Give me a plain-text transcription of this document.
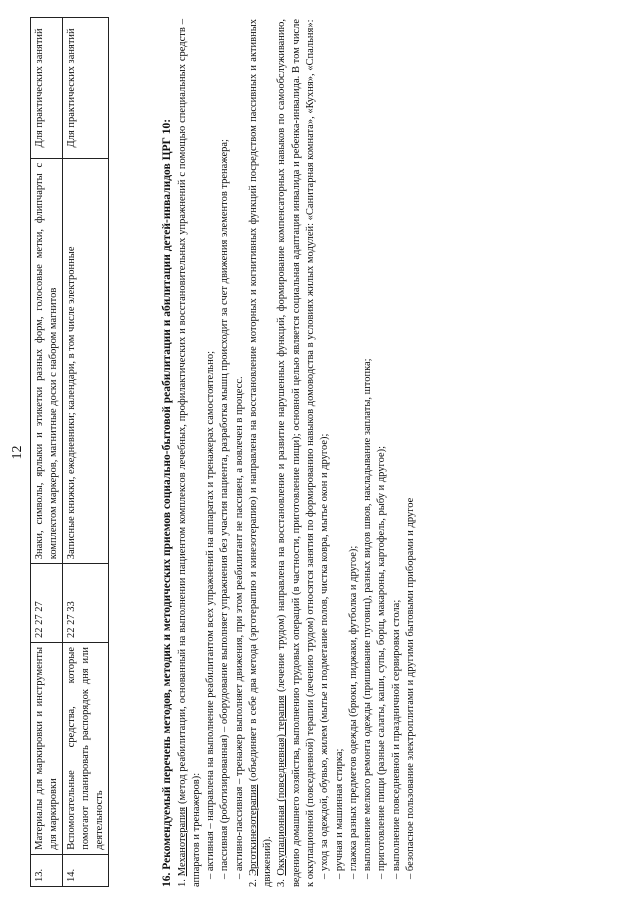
12
13.	Материалы для маркировки и инструменты для маркировки	22 27 27	Знаки, символы, ярлыки и этикетки разных форм, голосовые метки, флипчарты с комплектом маркеров, магнитные доски с набором магнитов	Для практических занятий
14.	Вспомогательные средства, которые помогают планировать распорядок дня или деятельность	22 27 33	Записные книжки, ежедневники; календари, в том числе электронные	Для практических занятий

16. Рекомендуемый перечень методов, методик и методических приемов социально-бытовой реабилитации и абилитации детей-инвалидов ЦРГ 10: 1. Механотерапия (метод реабилитации, основанный на выполнении пациентом комплексов лечебных, профилактических и восстановительных упражнений с помощью специальных средств – аппаратов и тренажеров): – активная – направлена на выполнение реабилитантом всех упражнений на аппаратах и тренажерах самостоятельно; – пассивная (роботизированная) – оборудование выполняет упражнения без участия пациента, разработка мышц происходит за счет движения элементов тренажера; – активно-пассивная – тренажер выполняет движения, при этом реабилитант не пассивен, а вовлечен в процесс.

2. Эрготкинезотерапия (объединяет в себе два метода (эрготерапию и кинезотерапию) и направлена на восстановление моторных и когнитивных функций посредством пассивных и активных движений). 3. Оккупационная (повседневная) терапия (лечение трудом) направлена на восстановление и развитие нарушенных функций, формирование компенсаторных навыков по самообслуживанию, ведению домашнего хозяйства, выполнению трудовых операций (в частности, приготовление пищи); основной целью является социальная адаптация инвалида и ребенка-инвалида. В том числе к оккупационной (повседневной) терапии (лечению трудом) относятся занятия по формированию навыков домоводства в условиях жилых модулей: «Санитарная комната», «Кухня», «Спальня»: – уход за одеждой, обувью, жилем (мытье и подметание полов, чистка ковра, мытье окон и другое); – ручная и машинная стирка; – глажка разных предметов одежды (брюки, пиджаки, футболка и другое); – выполнение мелкого ремонта одежды (пришивание пуговиц), разных видов швов, накладывание заплаты, штопка; – приготовление пищи (разные салаты, каши, супы, борщ, макароны, картофель, рыбу и другое); – выполнение повседневной и праздничной сервировки стола; – безопасное пользование электроплитами и другими бытовыми приборами и другое
